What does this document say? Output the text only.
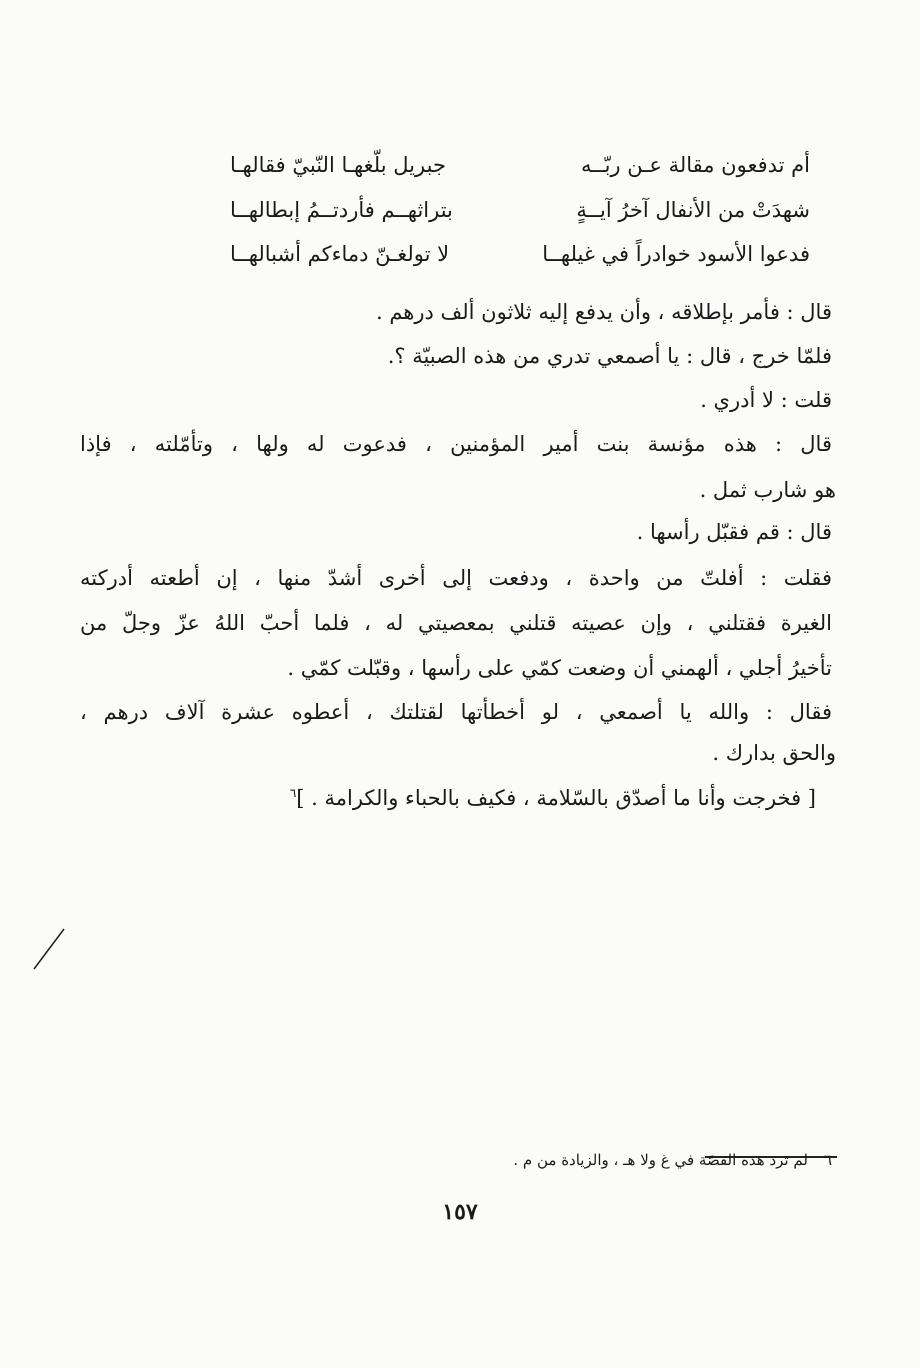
أم تدفعون مقالة عـن ربّــه
جبريل بلّغهـا النّبيّ فقالهـا
شهدَتْ من الأنفال آخرُ آيــةٍ
بتراثهــم فأردتــمُ إبطالهــا
فدعوا الأسود خوادراً في غيلهــا
لا تولغـنّ دماءكم أشبالهــا
قال : فأمر بإطلاقه ، وأن يدفع إليه ثلاثون ألف درهم .
فلمّا خرج ، قال : يا أصمعي تدري من هذه الصبيّة ؟.
قلت : لا أدري .
قال : هذه مؤنسة بنت أمير المؤمنين ، فدعوت له ولها ، وتأمّلته ، فإذا
هو شارب ثمل .
قال : قم فقبّل رأسها .
فقلت : أفلتّ من واحدة ، ودفعت إلى أخرى أشدّ منها ، إن أطعته أدركته
الغيرة فقتلني ، وإن عصيته قتلني بمعصيتي له ، فلما أحبّ اللهُ عزّ وجلّ من
تأخيرُ أجلي ، ألهمني أن وضعت كمّي على رأسها ، وقبّلت كمّي .
فقال : والله يا أصمعي ، لو أخطأتها لقتلتك ، أعطوه عشرة آلاف درهم ،
والحق بدارك .
[ فخرجت وأنا ما أصدّق بالسّلامة ، فكيف بالحباء والكرامة . ]$^٦$
٦لم ترد هذه القصّة في غ ولا هـ ، والزيادة من م .
١٥٧
